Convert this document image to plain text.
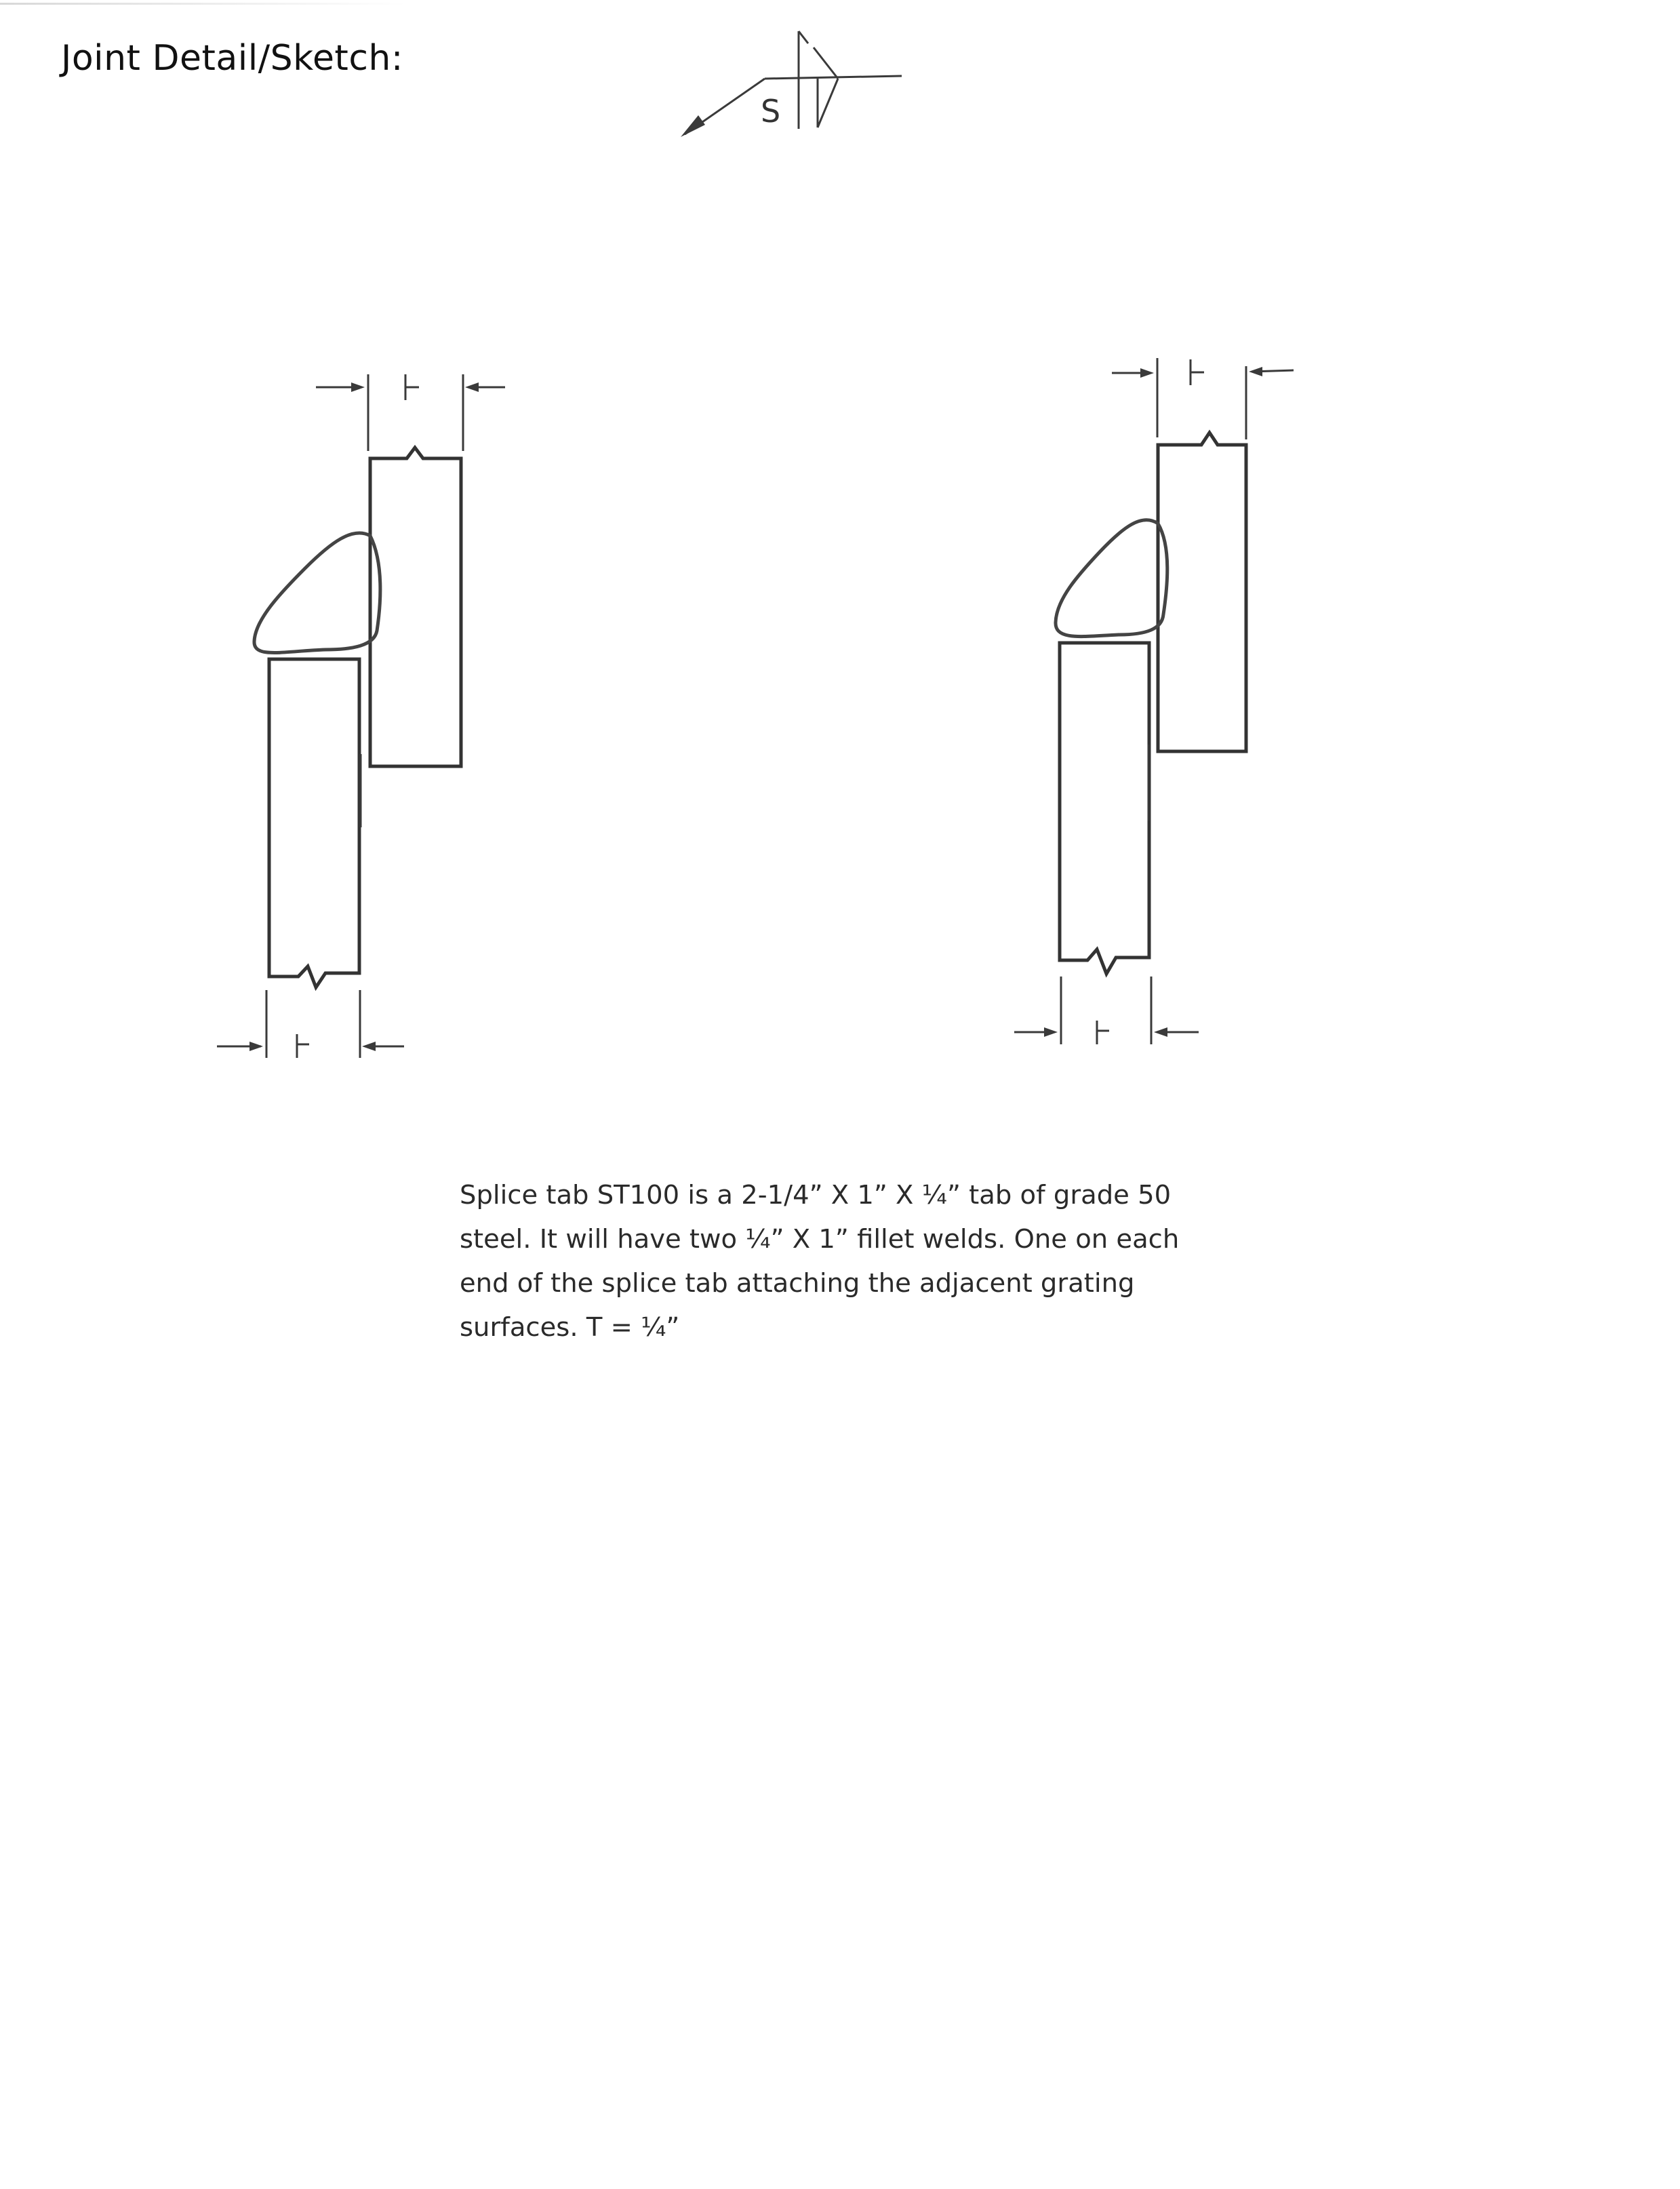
Joint Detail/Sketch:
S

Splice tab ST100 is a 2-1/4” X 1” X ¼” tab of grade 50
steel. It will have two ¼” X 1” fillet welds. One on each
end of the splice tab attaching the adjacent grating
surfaces. T = ¼”
